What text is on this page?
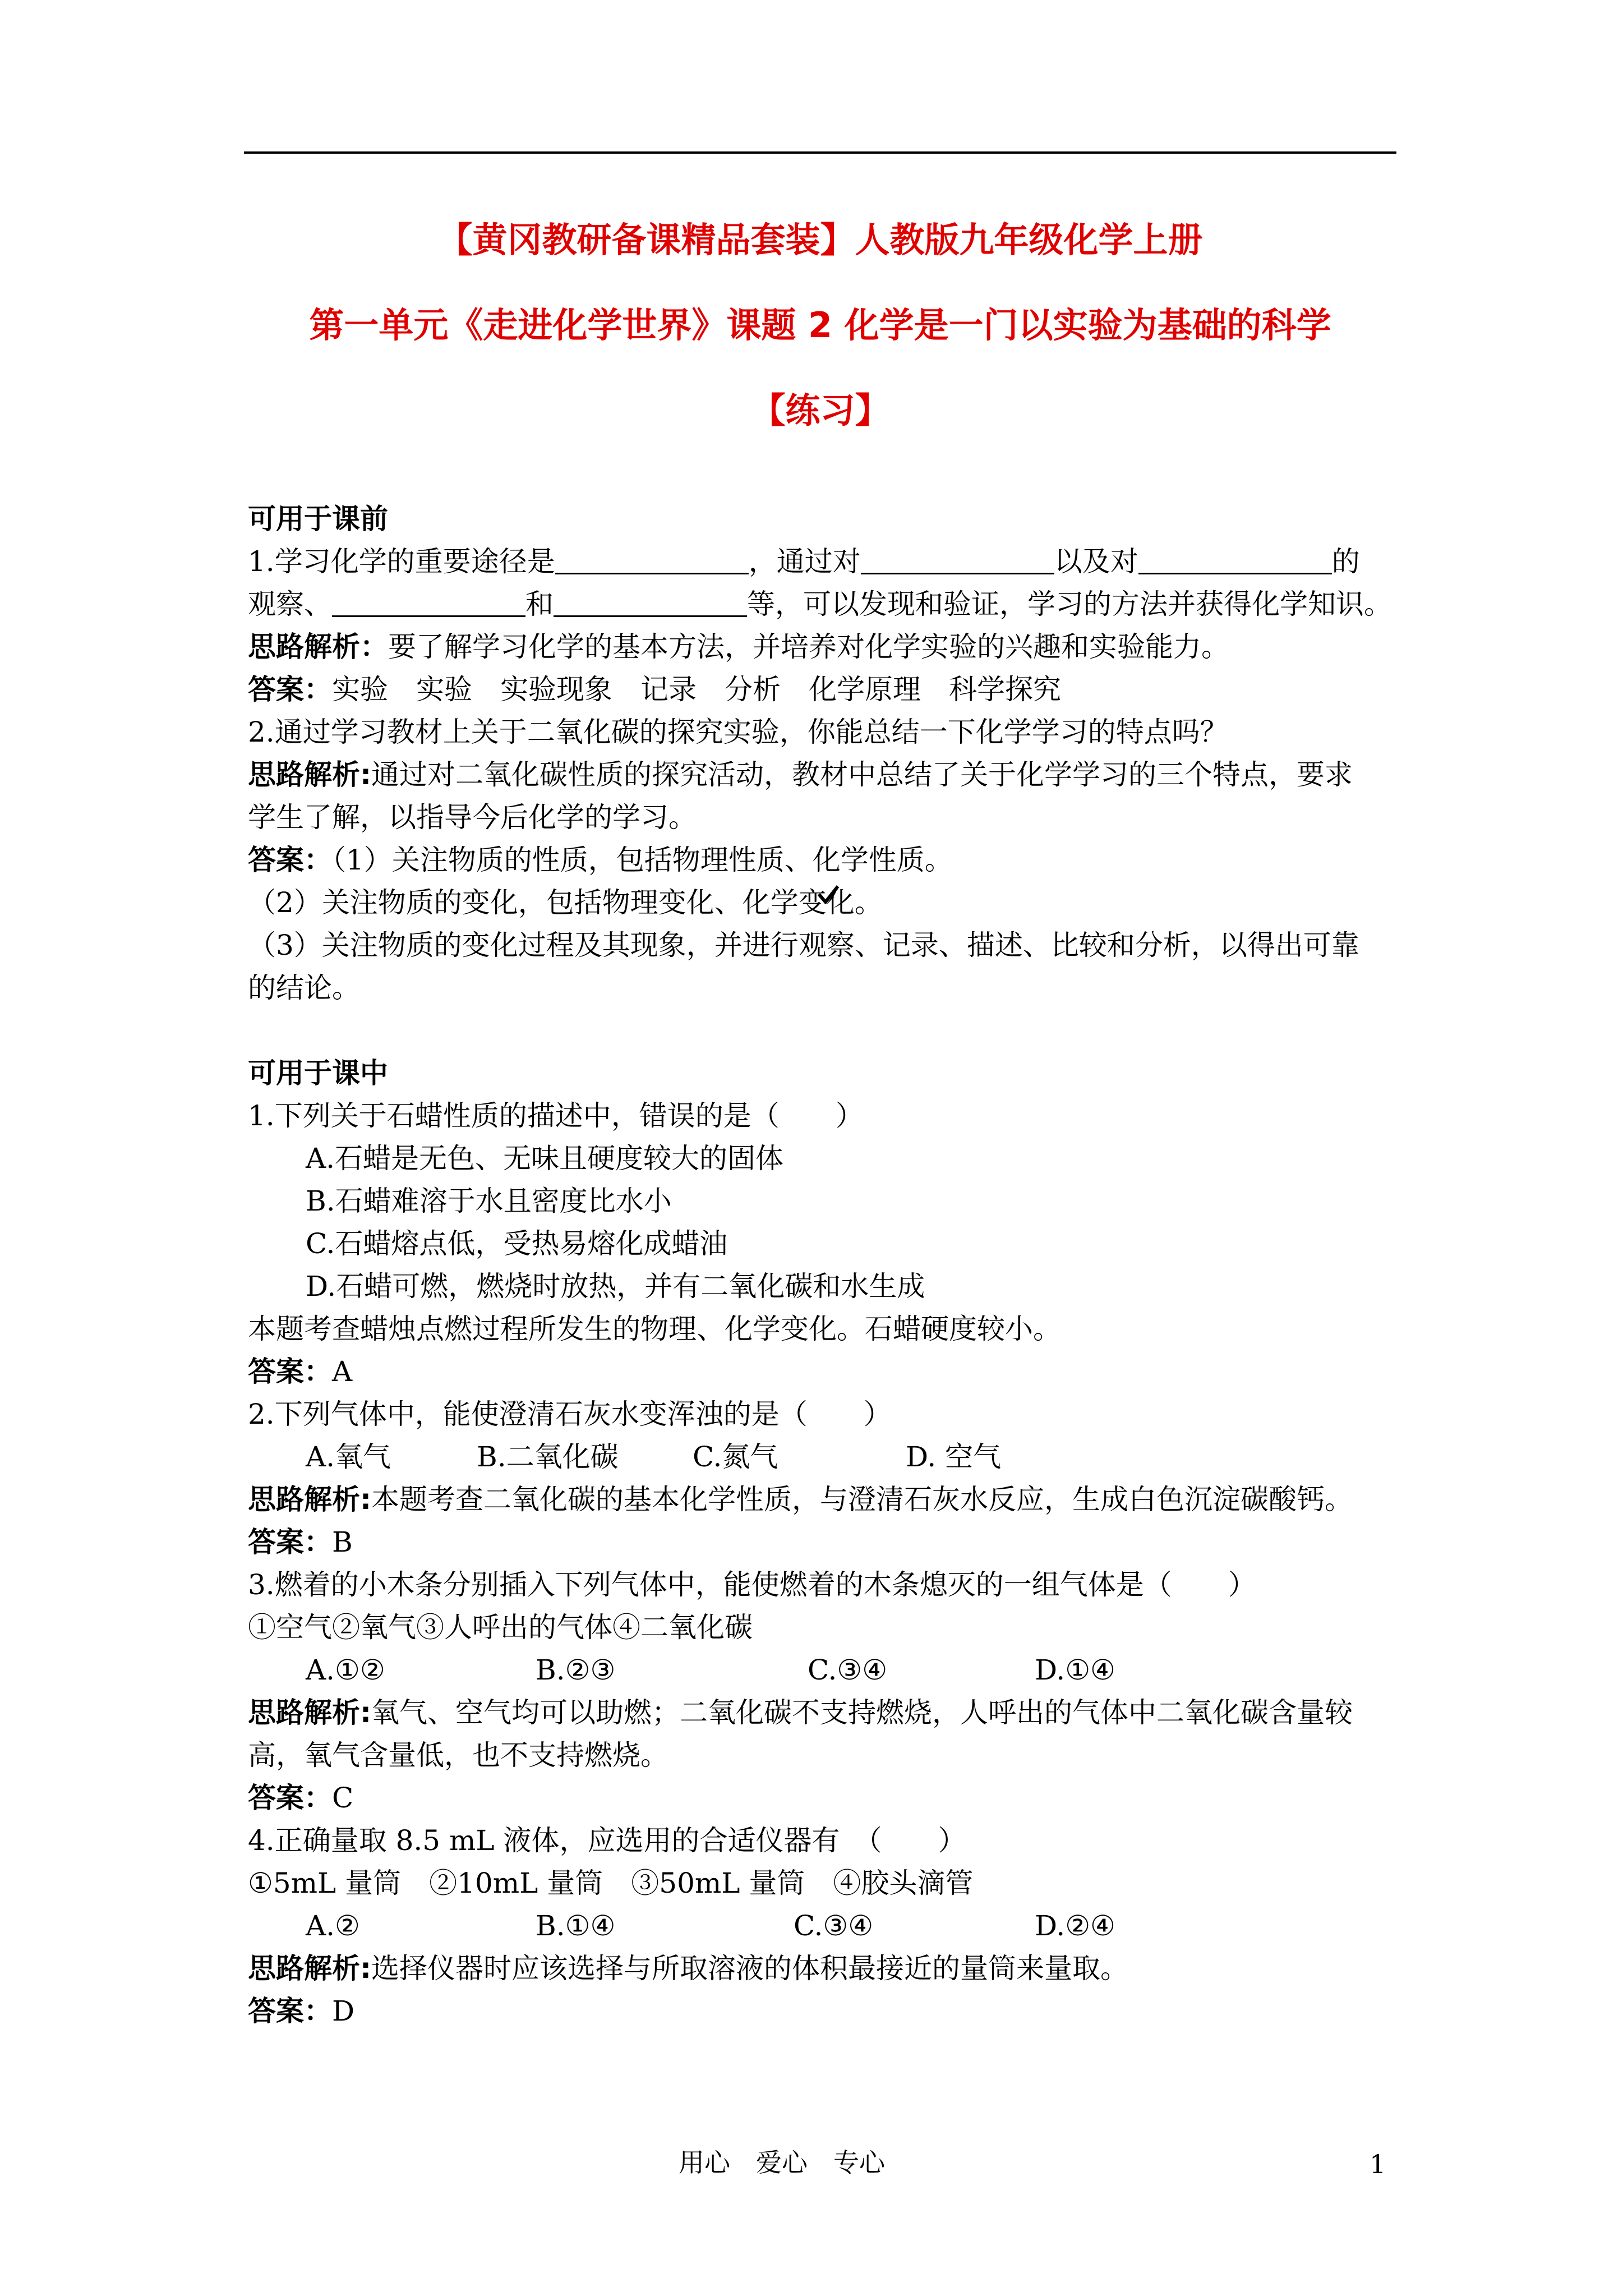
【黄冈教研备课精品套装】人教版九年级化学上册
第一单元《走进化学世界》课题 2 化学是一门以实验为基础的科学
【练习】
可用于课前
1.学习化学的重要途径是	，通过对	以及对	的
观察、	和	等，可以发现和验证，学习的方法并获得化学知识。
思路解析：要了解学习化学的基本方法，并培养对化学实验的兴趣和实验能力。
答案：实验　实验　实验现象　记录　分析　化学原理　科学探究
2.通过学习教材上关于二氧化碳的探究实验，你能总结一下化学学习的特点吗？
思路解析:通过对二氧化碳性质的探究活动，教材中总结了关于化学学习的三个特点，要求
学生了解，以指导今后化学的学习。
答案：（1）关注物质的性质，包括物理性质、化学性质。
（2）关注物质的变化，包括物理变化、化学变化。
（3）关注物质的变化过程及其现象，并进行观察、记录、描述、比较和分析，以得出可靠
的结论。
可用于课中
1.下列关于石蜡性质的描述中，错误的是（　　）
A.石蜡是无色、无味且硬度较大的固体
B.石蜡难溶于水且密度比水小
C.石蜡熔点低，受热易熔化成蜡油
D.石蜡可燃，燃烧时放热，并有二氧化碳和水生成
本题考查蜡烛点燃过程所发生的物理、化学变化。石蜡硬度较小。
答案：A
2.下列气体中，能使澄清石灰水变浑浊的是（　　）
A.氧气	B.二氧化碳	C.氮气	D. 空气
思路解析:本题考查二氧化碳的基本化学性质，与澄清石灰水反应，生成白色沉淀碳酸钙。
答案：B
3.燃着的小木条分别插入下列气体中，能使燃着的木条熄灭的一组气体是（　　）
①空气②氧气③人呼出的气体④二氧化碳
A.①②	B.②③	C.③④	D.①④
思路解析:氧气、空气均可以助燃；二氧化碳不支持燃烧，人呼出的气体中二氧化碳含量较
高，氧气含量低，也不支持燃烧。
答案：C
4.正确量取 8.5 mL 液体，应选用的合适仪器有　（　　）
①5mL 量筒　②10mL 量筒　③50mL 量筒　④胶头滴管
A.②	B.①④	C.③④	D.②④
思路解析:选择仪器时应该选择与所取溶液的体积最接近的量筒来量取。
答案：D
用心　爱心　专心	1
